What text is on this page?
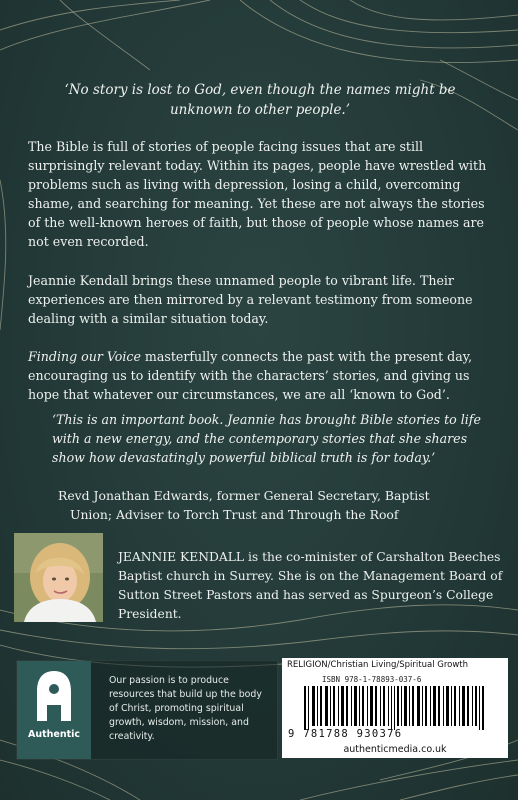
‘No story is lost to God, even though the names might be unknown to other people.’
The Bible is full of stories of people facing issues that are still surprisingly relevant today. Within its pages, people have wrestled with problems such as living with depression, losing a child, overcoming shame, and searching for meaning. Yet these are not always the stories of the well-known heroes of faith, but those of people whose names are not even recorded.
Jeannie Kendall brings these unnamed people to vibrant life. Their experiences are then mirrored by a relevant testimony from someone dealing with a similar situation today.
Finding our Voice masterfully connects the past with the present day, encouraging us to identify with the characters’ stories, and giving us hope that whatever our circumstances, we are all ‘known to God’.
‘This is an important book. Jeannie has brought Bible stories to life with a new energy, and the contemporary stories that she shares show how devastatingly powerful biblical truth is for today.’
Revd Jonathan Edwards, former General Secretary, Baptist
Union; Adviser to Torch Trust and Through the Roof
JEANNIE KENDALL is the co-minister of Carshalton Beeches Baptist church in Surrey. She is on the Management Board of Sutton Street Pastors and has served as Spurgeon’s College President.
Authentic
Our passion is to produce resources that build up the body of Christ, promoting spiritual growth, wisdom, mission, and creativity.
RELIGION/Christian Living/Spiritual Growth
ISBN 978-1-78893-037-6
9 781788 930376
authenticmedia.co.uk
